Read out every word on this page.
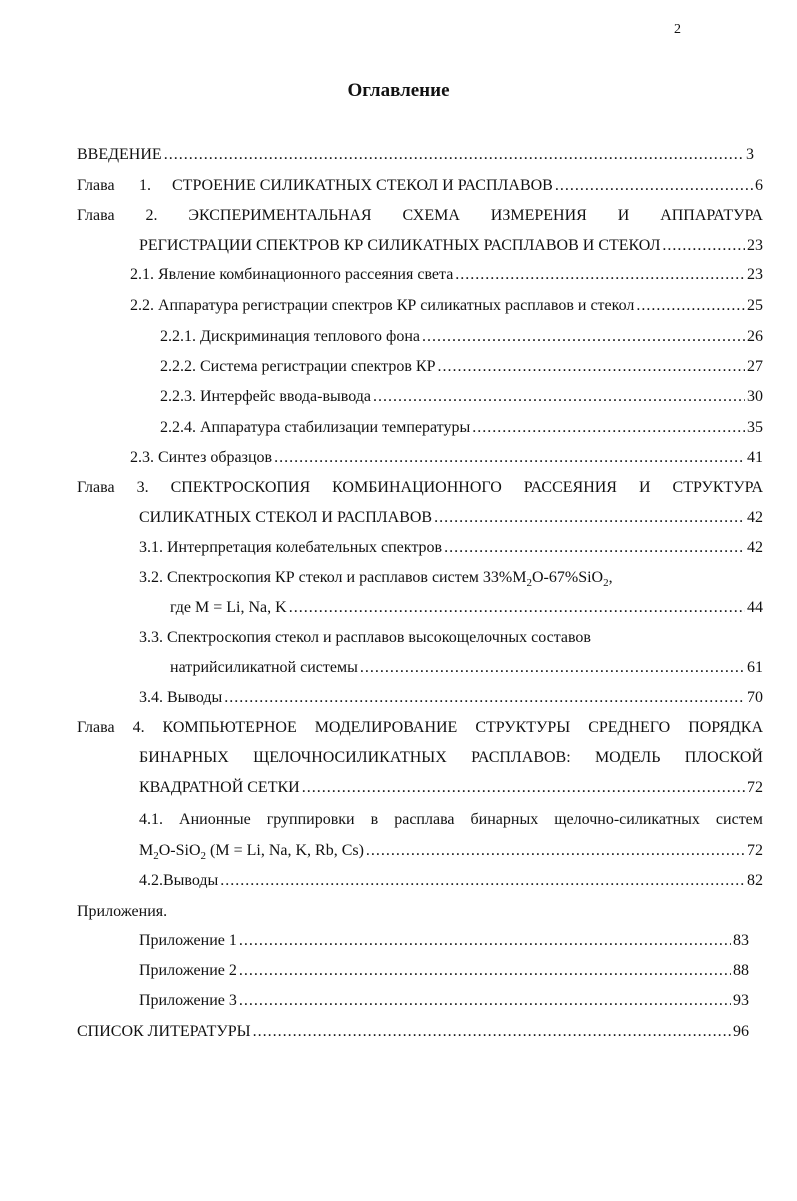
2
Оглавление
ВВЕДЕНИЕ .....	3
Глава	1.	СТРОЕНИЕ СИЛИКАТНЫХ СТЕКОЛ И РАСПЛАВОВ .....	6
Глава 2. ЭКСПЕРИМЕНТАЛЬНАЯ СХЕМА ИЗМЕРЕНИЯ И АППАРАТУРА
РЕГИСТРАЦИИ СПЕКТРОВ КР СИЛИКАТНЫХ РАСПЛАВОВ И СТЕКОЛ .....	23
2.1. Явление комбинационного рассеяния света .....	23
2.2. Аппаратура регистрации спектров КР силикатных расплавов и стекол .....	25
2.2.1. Дискриминация теплового фона .....	26
2.2.2. Система регистрации спектров КР .....	27
2.2.3. Интерфейс ввода-вывода .....	30
2.2.4. Аппаратура стабилизации температуры .....	35
2.3. Синтез образцов .....	41
Глава 3. СПЕКТРОСКОПИЯ КОМБИНАЦИОННОГО РАССЕЯНИЯ И СТРУКТУРА
СИЛИКАТНЫХ СТЕКОЛ И РАСПЛАВОВ .....	42
3.1. Интерпретация колебательных спектров .....	42
3.2. Спектроскопия КР стекол и расплавов систем $33\%M_2O-67\%SiO_2$,
где M = Li, Na, K .....	44
3.3. Спектроскопия стекол и расплавов высокощелочных составов
натрийсиликатной системы .....	61
3.4. Выводы .....	70
Глава 4. КОМПЬЮТЕРНОЕ МОДЕЛИРОВАНИЕ СТРУКТУРЫ СРЕДНЕГО ПОРЯДКА
БИНАРНЫХ ЩЕЛОЧНОСИЛИКАТНЫХ РАСПЛАВОВ: МОДЕЛЬ ПЛОСКОЙ
КВАДРАТНОЙ СЕТКИ .....	72
4.1. Анионные группировки в расплава бинарных щелочно-силикатных систем
$M_2O-SiO_2$ (M = Li, Na, K, Rb, Cs) .....	72
4.2.Выводы .....	82
Приложения.
Приложение 1 .....	83
Приложение 2 .....	88
Приложение 3 .....	93
СПИСОК ЛИТЕРАТУРЫ .....	96
